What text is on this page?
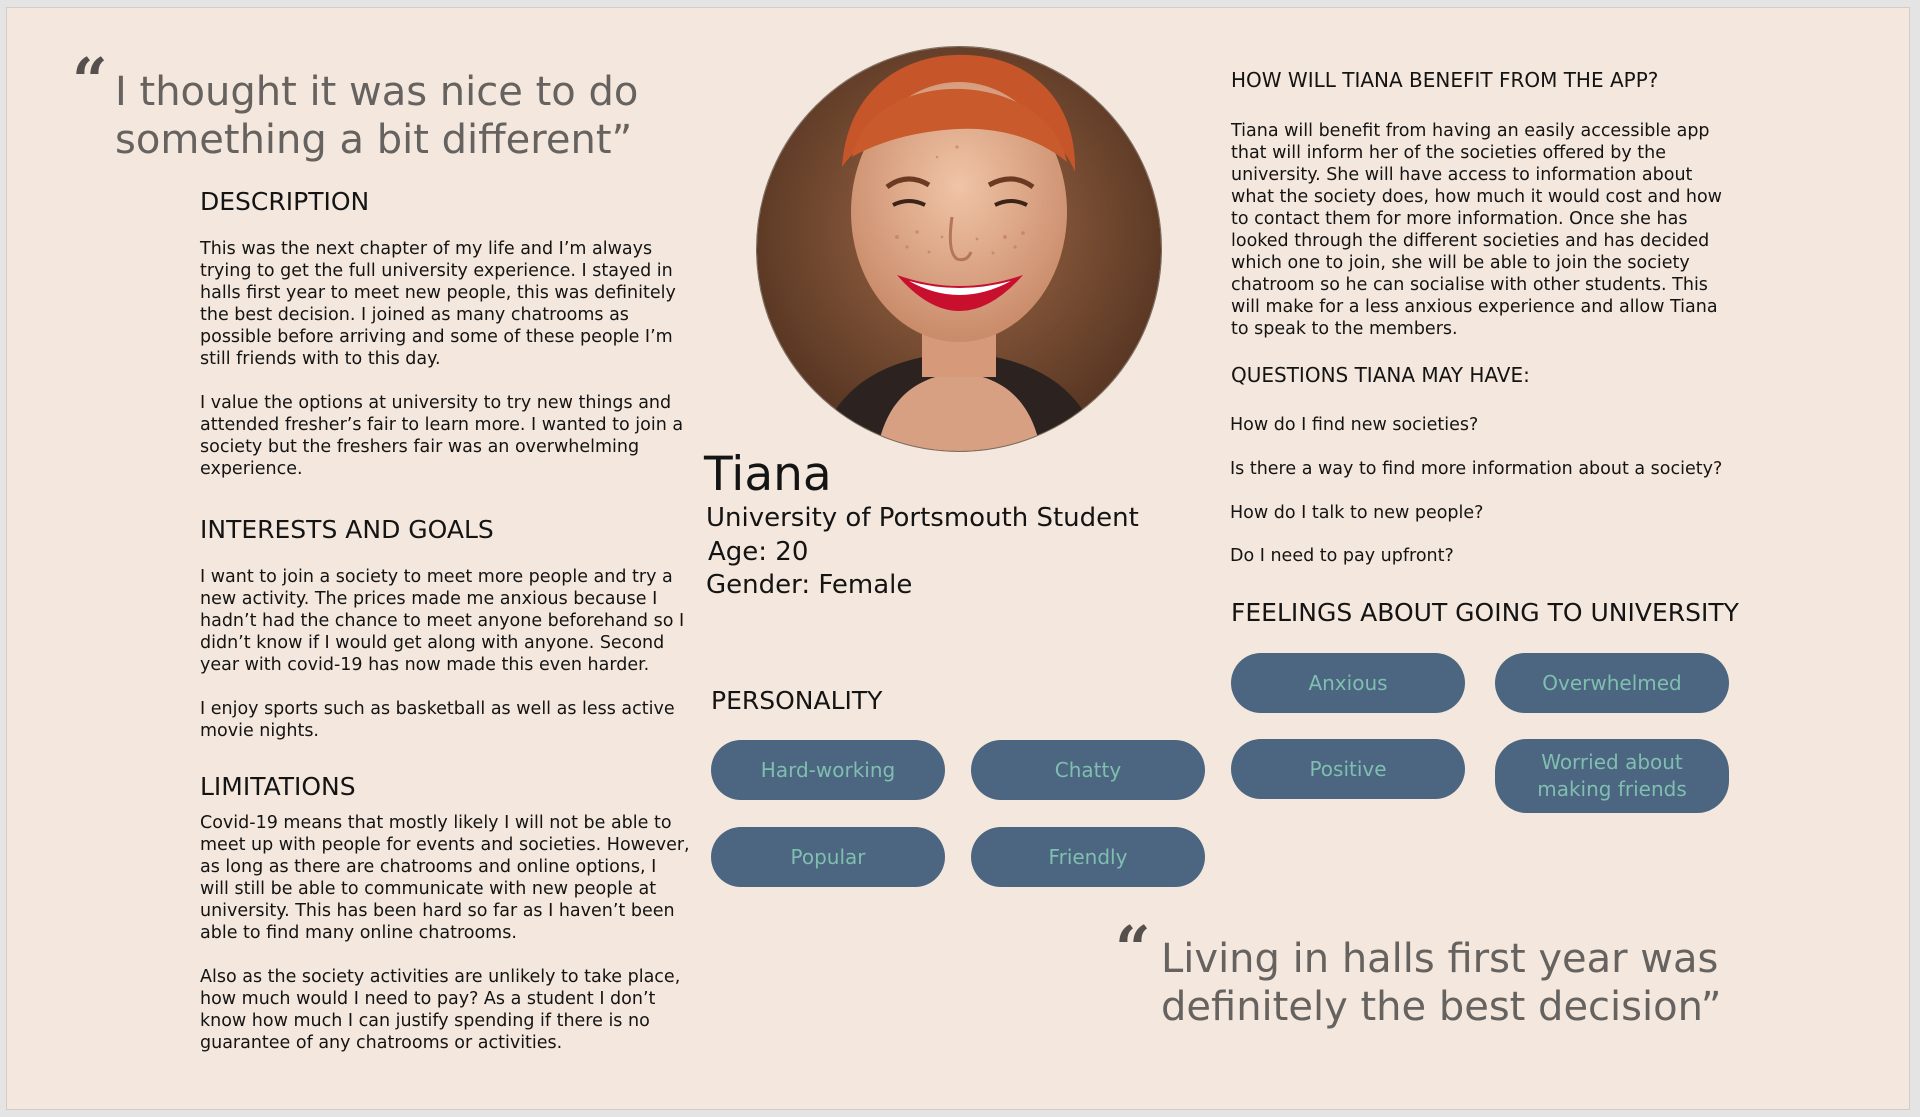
“ I thought it was nice to do something a bit different”
DESCRIPTION

This was the next chapter of my life and I’m always trying to get the full university experience. I stayed in halls first year to meet new people, this was definitely the best decision. I joined as many chatrooms as possible before arriving and some of these people I’m still friends with to this day.

I value the options at university to try new things and attended fresher’s fair to learn more. I wanted to join a society but the freshers fair was an overwhelming experience.

INTERESTS AND GOALS

I want to join a society to meet more people and try a new activity. The prices made me anxious because I hadn’t had the chance to meet anyone beforehand so I didn’t know if I would get along with anyone. Second year with covid-19 has now made this even harder.

I enjoy sports such as basketball as well as less active movie nights.

LIMITATIONS

Covid-19 means that mostly likely I will not be able to meet up with people for events and societies. However, as long as there are chatrooms and online options, I will still be able to communicate with new people at university. This has been hard so far as I haven’t been able to find many online chatrooms.

Also as the society activities are unlikely to take place, how much would I need to pay? As a student I don’t know how much I can justify spending if there is no guarantee of any chatrooms or activities.

Tiana
University of Portsmouth Student
Age: 20
Gender: Female
PERSONALITY
Hard-working	Chatty
Popular	Friendly
HOW WILL TIANA BENEFIT FROM THE APP?
Tiana will benefit from having an easily accessible app that will inform her of the societies offered by the university. She will have access to information about what the society does, how much it would cost and how to contact them for more information. Once she has looked through the different societies and has decided which one to join, she will be able to join the society chatroom so he can socialise with other students. This will make for a less anxious experience and allow Tiana to speak to the members.
QUESTIONS TIANA MAY HAVE:
How do I find new societies?
Is there a way to find more information about a society?
How do I talk to new people?
Do I need to pay upfront?
FEELINGS ABOUT GOING TO UNIVERSITY
Anxious	Overwhelmed
Positive	Worried about making friends
“ Living in halls first year was definitely the best decision”
